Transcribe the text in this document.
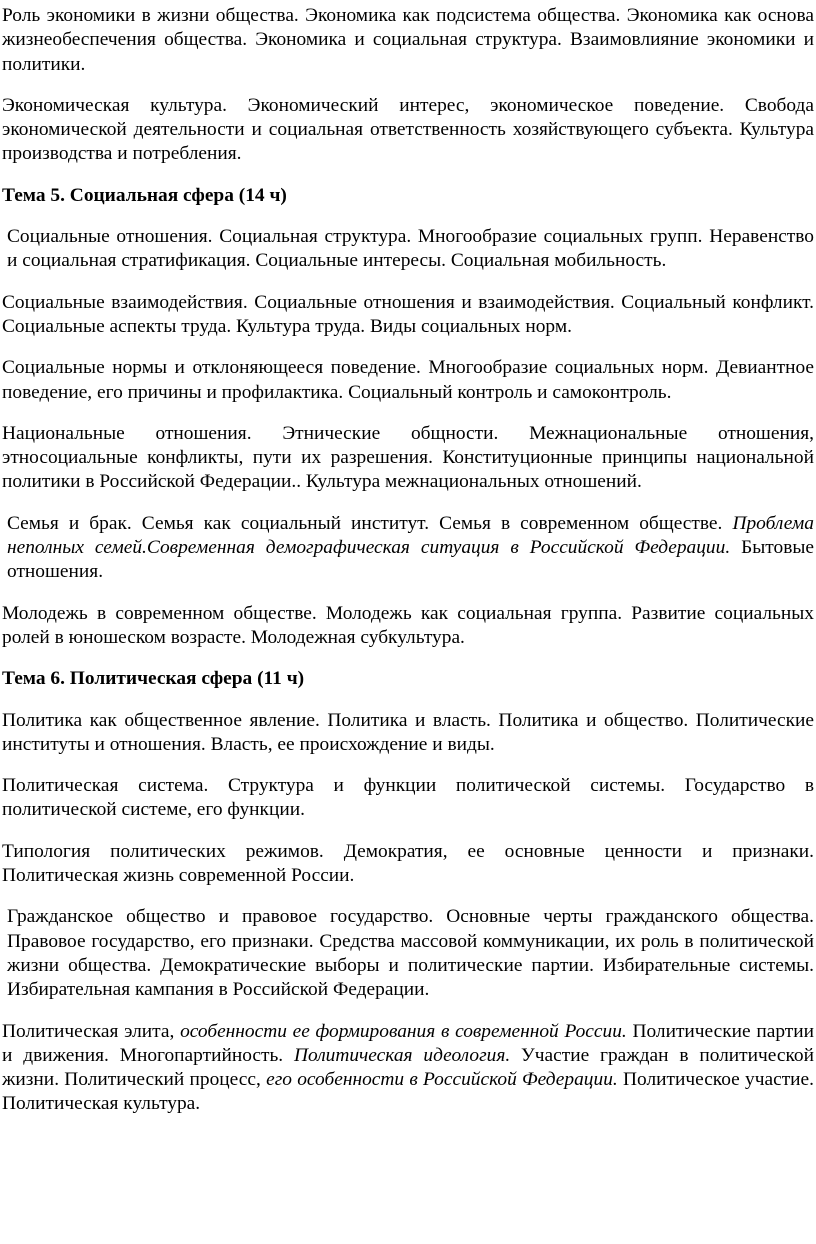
Роль экономики в жизни общества. Экономика как подсистема общества. Экономика как основа жизнеобеспечения общества. Экономика и социальная структура. Взаимовлияние экономики и политики.

Экономическая культура. Экономический интерес, экономическое поведение. Свобода экономической деятельности и социальная ответственность хозяйствующего субъекта. Культура производства и потребления.

Тема 5. Социальная сфера (14 ч)

Социальные отношения. Социальная структура. Многообразие социальных групп. Неравенство и социальная стратификация. Социальные интересы. Социальная мобильность.

Социальные взаимодействия. Социальные отношения и взаимодействия. Социальный конфликт. Социальные аспекты труда. Культура труда. Виды социальных норм.

Социальные нормы и отклоняющееся поведение. Многообразие социальных норм. Девиантное поведение, его причины и профилактика. Социальный контроль и самоконтроль.

Национальные отношения. Этнические общности. Межнациональные отношения, этносоциальные конфликты, пути их разрешения. Конституционные принципы национальной политики в Российской Федерации.. Культура межнациональных отношений.

Семья и брак. Семья как социальный институт. Семья в современном обществе. Проблема неполных семей.Современная демографическая ситуация в Российской Федерации. Бытовые отношения.

Молодежь в современном обществе. Молодежь как социальная группа. Развитие социальных ролей в юношеском возрасте. Молодежная субкультура.

Тема 6. Политическая сфера (11 ч)

Политика как общественное явление. Политика и власть. Политика и общество. Политические институты и отношения. Власть, ее происхождение и виды.

Политическая система. Структура и функции политической системы. Государство в политической системе, его функции.

Типология политических режимов. Демократия, ее основные ценности и признаки. Политическая жизнь современной России.

Гражданское общество и правовое государство. Основные черты гражданского общества. Правовое государство, его признаки. Средства массовой коммуникации, их роль в политической жизни общества. Демократические выборы и политические партии. Избирательные системы. Избирательная кампания в Российской Федерации.

Политическая элита, особенности ее формирования в современной России. Политические партии и движения. Многопартийность. Политическая идеология. Участие граждан в политической жизни. Политический процесс, его особенности в Российской Федерации. Политическое участие. Политическая культура.
